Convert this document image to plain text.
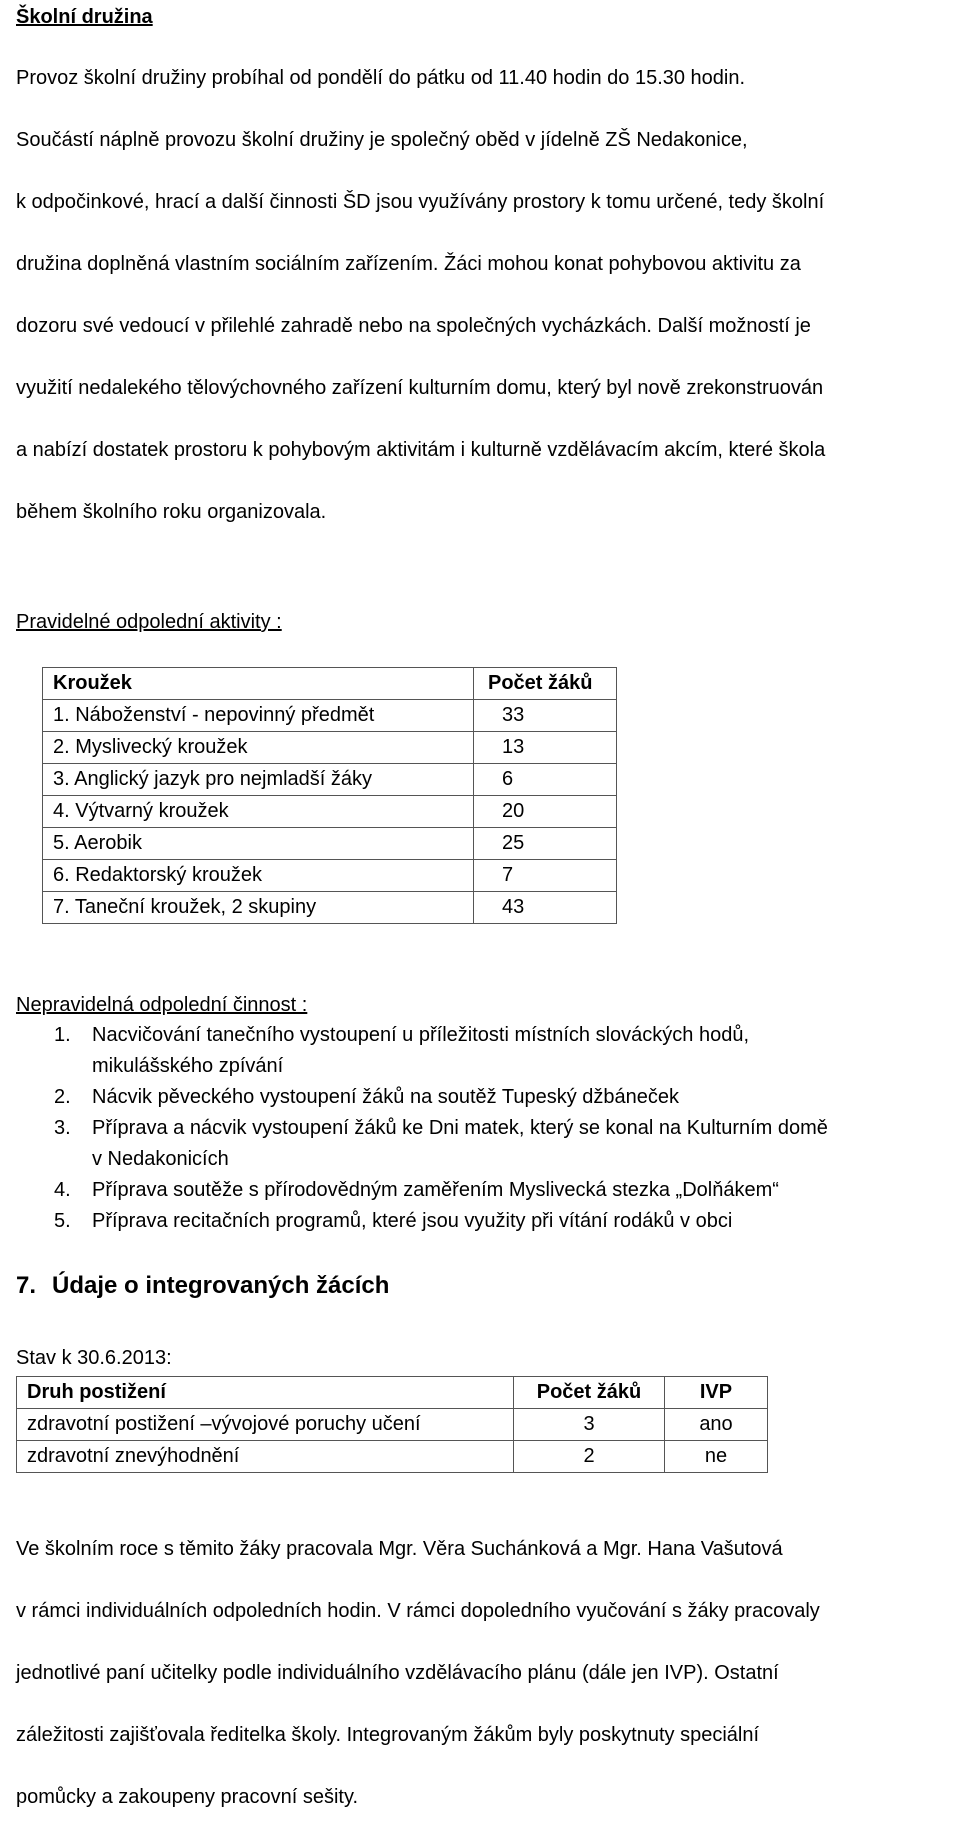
Školní družina

Provoz školní družiny probíhal od pondělí do pátku od 11.40 hodin do 15.30 hodin.

Součástí náplně provozu školní družiny je společný oběd v jídelně ZŠ Nedakonice,

k odpočinkové, hrací a další činnosti ŠD jsou využívány prostory k tomu určené, tedy školní

družina doplněná vlastním sociálním zařízením. Žáci mohou konat pohybovou aktivitu za

dozoru své vedoucí v přilehlé zahradě nebo na společných vycházkách. Další možností je

využití nedalekého tělovýchovného zařízení kulturním domu, který byl nově zrekonstruován

a nabízí dostatek prostoru k pohybovým aktivitám i kulturně vzdělávacím akcím, které škola

během školního roku organizovala.

Pravidelné odpolední aktivity :

Kroužek	Počet žáků
1. Náboženství - nepovinný předmět	33
2. Myslivecký kroužek	13
3. Anglický jazyk pro nejmladší žáky	6
4. Výtvarný kroužek	20
5. Aerobik	25
6. Redaktorský kroužek	7
7. Taneční kroužek, 2 skupiny	43

Nepravidelná odpolední činnost :

1. Nacvičování tanečního vystoupení u příležitosti místních slováckých hodů,
mikulášského zpívání
2. Nácvik pěveckého vystoupení žáků na soutěž Tupeský džbáneček
3. Příprava a nácvik vystoupení žáků ke Dni matek, který se konal na Kulturním domě
v Nedakonicích
4. Příprava soutěže s přírodovědným zaměřením Myslivecká stezka „Dolňákem“
5. Příprava recitačních programů, které jsou využity při vítání rodáků v obci

7. Údaje o integrovaných žácích

Stav k 30.6.2013:

Druh postižení	Počet žáků	IVP
zdravotní postižení –vývojové poruchy učení	3	ano
zdravotní znevýhodnění	2	ne

Ve školním roce s těmito žáky pracovala Mgr. Věra Suchánková a Mgr. Hana Vašutová

v rámci individuálních odpoledních hodin. V rámci dopoledního vyučování s žáky pracovaly

jednotlivé paní učitelky podle individuálního vzdělávacího plánu (dále jen IVP). Ostatní

záležitosti zajišťovala ředitelka školy. Integrovaným žákům byly poskytnuty speciální

pomůcky a zakoupeny pracovní sešity.
